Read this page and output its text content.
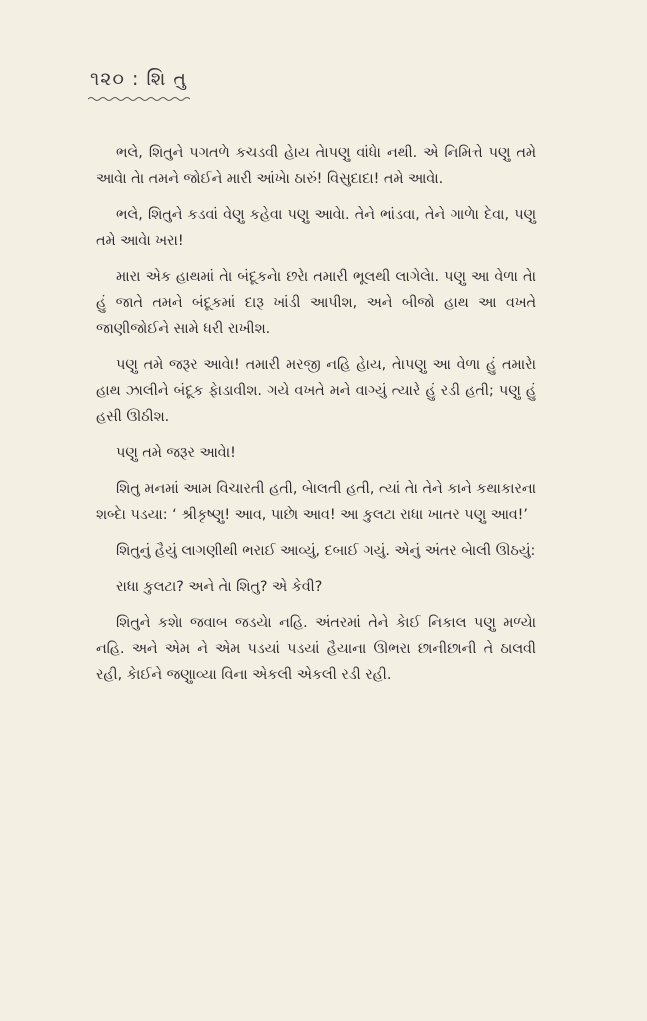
૧૨૦ : શિ તુ

ભલે, શિતુને પગતળે કચડવી હેાય તેાપણુ વાંધેા નથી. એ નિમિત્તે પણુ તમે આવેા તેા તમને જોઈને મારી આંખેા ઠારું! વિસુદાદા! તમે આવેા.

ભલે, શિતુને કડવાં વેણુ કહેવા પણુ આવેા. તેને ભાંડવા, તેને ગાળેા દેવા, પણુ તમે આવેા ખરા!

મારા એક હાથમાં તેા બંદૂકનેા છરેા તમારી ભૂલથી લાગેલેા. પણુ આ વેળા તેા હું જાતે તમને બંદૂકમાં દારૂ ખાંડી આપીશ, અને બીજો હાથ આ વખતે જાણીજોઈને સામે ધરી રાખીશ.

પણુ તમે જરૂર આવેા! તમારી મરજી નહિ હેાય, તેાપણુ આ વેળા હું તમારેા હાથ ઝાલીને બંદૂક ફેાડાવીશ. ગયે વખતે મને વાગ્યું ત્યારે હું રડી હતી; પણુ હું હસી ઊઠીશ.

પણુ તમે જરૂર આવેા!

શિતુ મનમાં આમ વિચારતી હતી, બેાલતી હતી, ત્યાં તેા તેને કાને કથાકારના શબ્દેા પડયા: ‘ શ્રીકૃષ્ણુ! આવ, પાછેા આવ! આ કુલટા રાધા ખાતર પણુ આવ!’

શિતુનું હૈયું લાગણીથી ભરાઈ આવ્યું, દબાઈ ગયું. એનું અંતર બેાલી ઊઠયું:

રાધા કુલટા? અને તેા શિતુ? એ કેવી?

શિતુને કશેા જવાબ જડયેા નહિ. અંતરમાં તેને કેાઈ નિકાલ પણુ મળ્યેા નહિ. અને એમ ને એમ પડયાં પડયાં હૈયાના ઊભરા છાનીછાની તે ઠાલવી રહી, કેાઈને જણુાવ્યા વિના એકલી એકલી રડી રહી.
